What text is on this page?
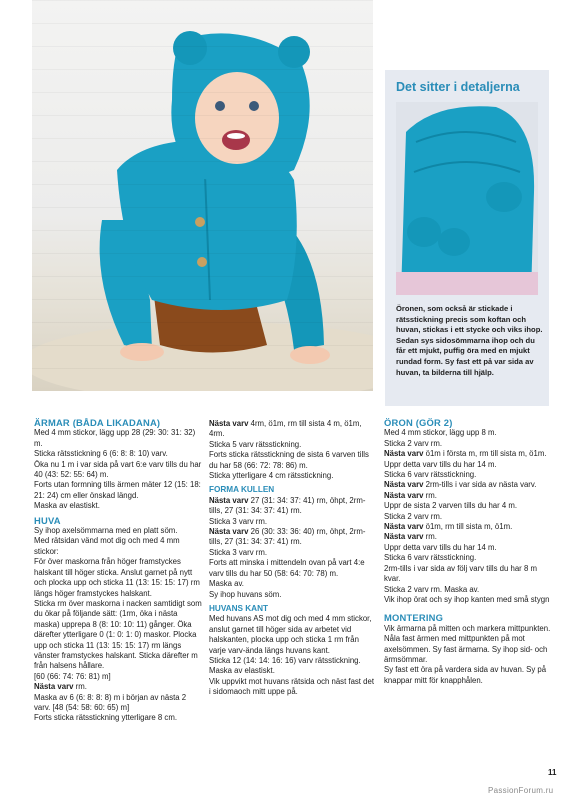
Det sitter i detaljerna
Öronen, som också är stickade i rätsstickning precis som koftan och huvan, stickas i ett stycke och viks ihop. Sedan sys sidosömmarna ihop och du får ett mjukt, puffig öra med en mjukt rundad form. Sy fast ett på var sida av huvan, ta bilderna till hjälp.
ÄRMAR (BÅDA LIKADANA)

Med 4 mm stickor, lägg upp 28 (29: 30: 31: 32) m.

Sticka rätsstickning 6 (6: 8: 8: 10) varv.

Öka nu 1 m i var sida på vart 6:e varv tills du har 40 (43: 52: 55: 64) m.

Forts utan formning tills ärmen mäter 12 (15: 18: 21: 24) cm eller önskad längd.

Maska av elastiskt.

HUVA

Sy ihop axelsömmarna med en platt söm.

Med rätsidan vänd mot dig och med 4 mm stickor:

För över maskorna från höger framstyckes halskant till höger sticka. Anslut garnet på nytt och plocka upp och sticka 11 (13: 15: 15: 17) rm längs höger framstyckes halskant.

Sticka rm över maskorna i nacken samtidigt som du ökar på följande sätt: (1rm, öka i nästa maska) upprepa 8 (8: 10: 10: 11) gånger. Öka därefter ytterligare 0 (1: 0: 1: 0) maskor. Plocka upp och sticka 11 (13: 15: 15: 17) rm längs vänster framstyckes halskant. Sticka därefter m från halsens hållare.

[60 (66: 74: 76: 81) m]

Nästa varv rm.

Maska av 6 (6: 8: 8: 8) m i början av nästa 2 varv. [48 (54: 58: 60: 65) m]

Forts sticka rätsstickning ytterligare 8 cm.

Nästa varv 4rm, ö1m, rm till sista 4 m, ö1m, 4rm.

Sticka 5 varv rätsstickning.

Forts sticka rätsstickning de sista 6 varven tills du har 58 (66: 72: 78: 86) m.

Sticka ytterligare 4 cm rätsstickning.

FORMA KULLEN

Nästa varv 27 (31: 34: 37: 41) rm, öhpt, 2rm-tills, 27 (31: 34: 37: 41) rm.

Sticka 3 varv rm.

Nästa varv 26 (30: 33: 36: 40) rm, öhpt, 2rm-tills, 27 (31: 34: 37: 41) rm.

Sticka 3 varv rm.

Forts att minska i mittendeln ovan på vart 4:e varv tills du har 50 (58: 64: 70: 78) m.

Maska av.

Sy ihop huvans söm.

HUVANS KANT

Med huvans AS mot dig och med 4 mm stickor, anslut garnet till höger sida av arbetet vid halskanten, plocka upp och sticka 1 rm från varje varv-ända längs huvans kant.

Sticka 12 (14: 14: 16: 16) varv rätsstickning.

Maska av elastiskt.

Vik uppvikt mot huvans rätsida och näst fast det i sidomaoch mitt uppe på.

ÖRON (GÖR 2)

Med 4 mm stickor, lägg upp 8 m.

Sticka 2 varv rm.

Nästa varv ö1m i första m, rm till sista m, ö1m.

Uppr detta varv tills du har 14 m.

Sticka 6 varv rätsstickning.

Nästa varv 2rm-tills i var sida av nästa varv.

Nästa varv rm.

Uppr de sista 2 varven tills du har 4 m.

Sticka 2 varv rm.

Nästa varv ö1m, rm till sista m, ö1m.

Nästa varv rm.

Uppr detta varv tills du har 14 m.

Sticka 6 varv rätsstickning.

2rm-tills i var sida av följ varv tills du har 8 m kvar.

Sticka 2 varv rm. Maska av.

Vik ihop örat och sy ihop kanten med små stygn

MONTERING

Vik ärmarna på mitten och markera mittpunkten. Nåla fast ärmen med mittpunkten på mot axelsömmen. Sy fast ärmarna. Sy ihop sid- och ärmsömmar.

Sy fast ett öra på vardera sida av huvan. Sy på knappar mitt för knapphålen.

11
PassionForum.ru
